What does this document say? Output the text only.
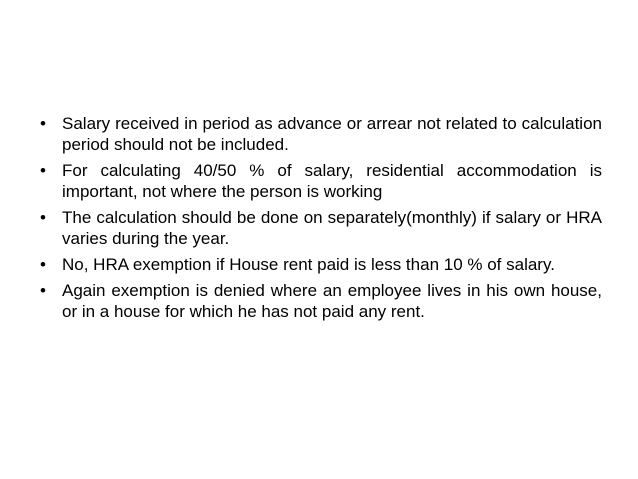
• Salary received in period as advance or arrear not related to calculation period should not be included.
• For calculating 40/50 % of salary, residential accommodation is important, not where the person is working
• The calculation should be done on separately(monthly) if salary or HRA varies during the year.
• No, HRA exemption if House rent paid is less than 10 % of salary.
• Again exemption is denied where an employee lives in his own house, or in a house for which he has not paid any rent.
